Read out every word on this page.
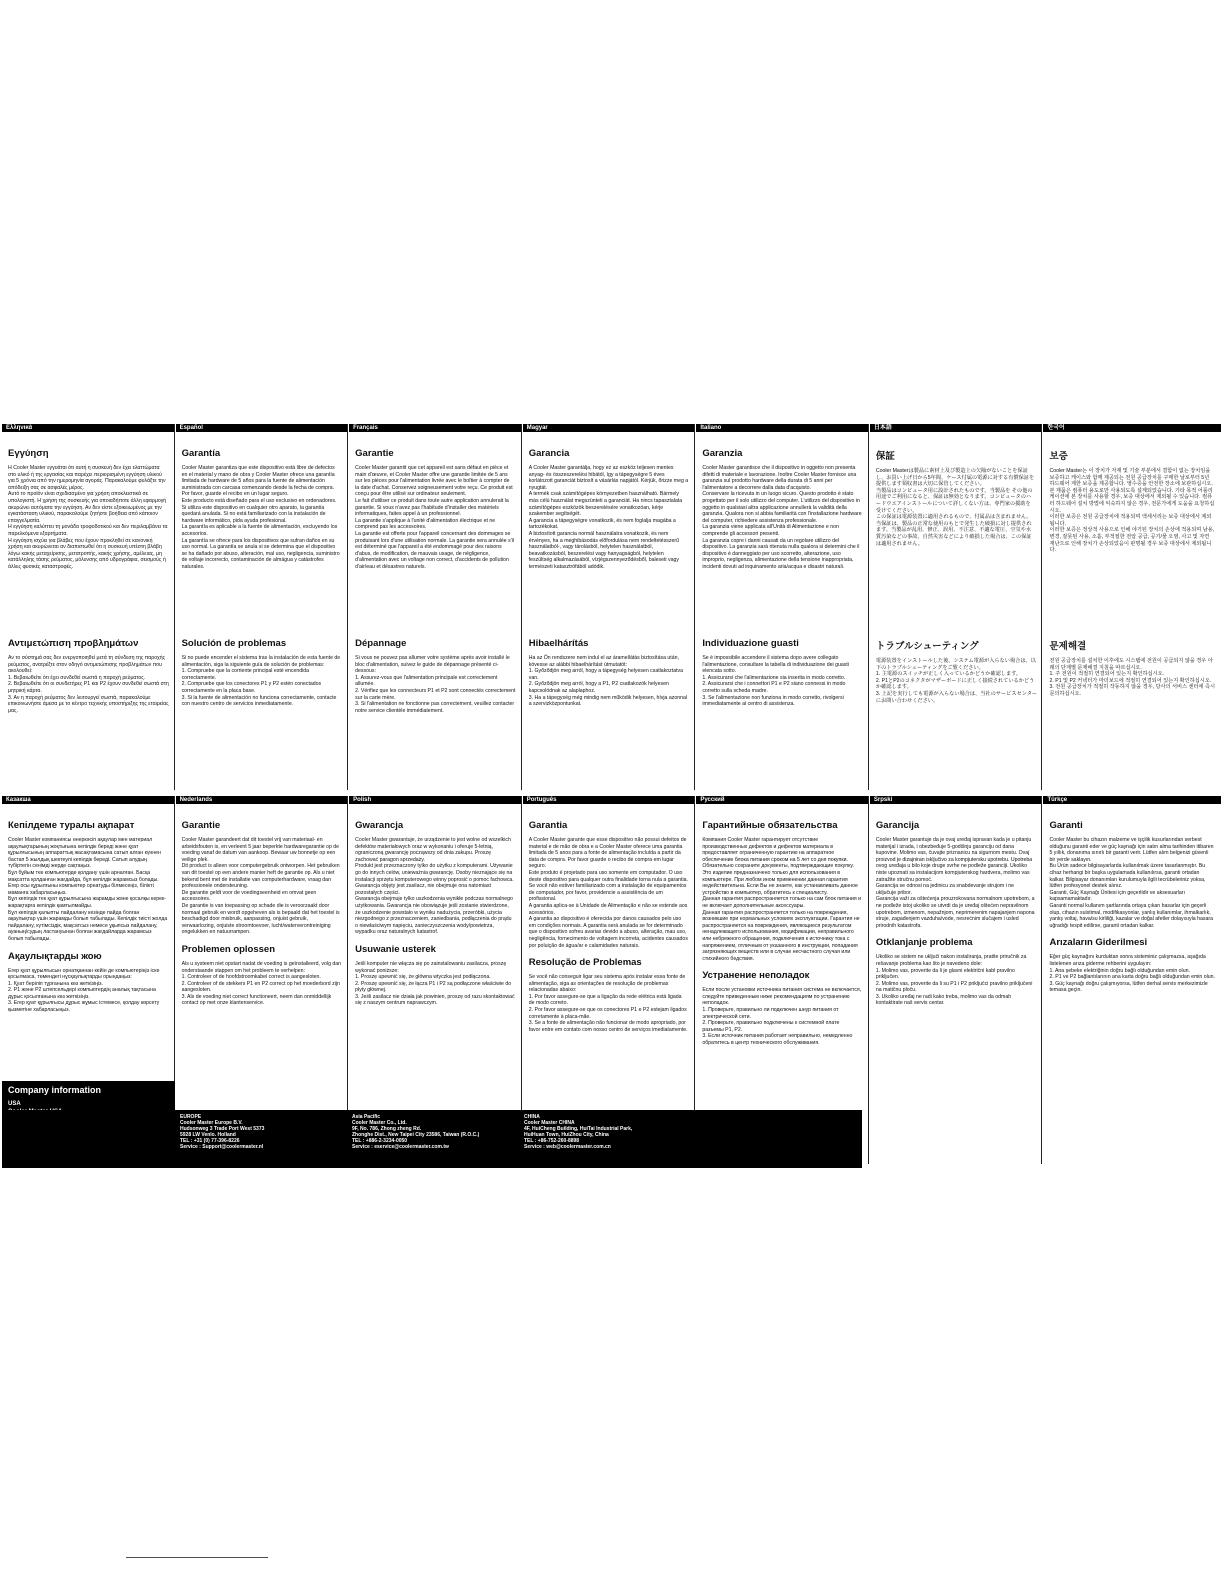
Ελληνικά
Εγγύηση

Η Cooler Master εγγυάται ότι αυτή η συσκευή δεν έχει ελαττώματα στο υλικό ή της εργασίας και παρέχει περιορισμένη εγγύηση υλικού για 5 χρόνια από την ημερομηνία αγοράς. Παρακαλούμε φυλάξτε την απόδειξη σας σε ασφαλές μέρος.
Αυτό το προϊόν είναι σχεδιασμένο για χρήση αποκλειστικά σε υπολογιστή. Η χρήση της συσκευής για οποιαδήποτε άλλη εφαρμογή ακυρώνει αυτόματα την εγγύηση. Αν δεν είστε εξοικειωμένος με την εγκατάσταση υλικού, παρακαλούμε ζητήστε βοήθεια από κάποιον επαγγελματία.
Η εγγύηση καλύπτει τη μονάδα τροφοδοτικού και δεν περιλαμβάνει τα παρελκόμενα εξαρτήματα.
Η εγγύηση ισχύει για βλάβες που έχουν προκληθεί σε κανονική χρήση και ακυρώνεται αν διαπιστωθεί ότι η συσκευή υπέστη βλάβη λόγω κακής μεταχείρισης, μετατροπής, κακής χρήσης, αμέλειας, μη κατάλληλης τάσης ρεύματος, μόλυνσης από υδρογράφια, σεισμούς ή άλλες φυσικές καταστροφές.

Αντιμετώπιση προβλημάτων

Αν το σύστημά σας δεν ενεργοποιηθεί μετά τη σύνδεση της παροχής ρεύματος, ανατρέξτε στον οδηγό αντιμετώπισης προβλημάτων που ακολουθεί:
1. Βεβαιωθείτε ότι έχει συνδεθεί σωστά η παροχή ρεύματος.
2. Βεβαιωθείτε ότι οι συνδετήρες P1 και P2 έχουν συνδεθεί σωστά στη μητρική κάρτα.
3. Αν η παροχή ρεύματος δεν λειτουργεί σωστά, παρακαλούμε επικοινωνήστε άμεσα με το κέντρο τεχνικής υποστήριξης της εταιρείας μας.

Español
Garantía

Cooler Master garantiza que este dispositivo está libre de defectos en el material y mano de obra y Cooler Master ofrece una garantía limitada de hardware de 5 años para la fuente de alimentación suministrada con carcasa comenzando desde la fecha de compra. Por favor, guarde el recibo en un lugar seguro.
Este producto está diseñado para el uso exclusivo en ordenadores. Si utiliza este dispositivo en cualquier otro aparato, la garantía quedará anulada. Si no está familiarizado con la instalación de hardware informático, pida ayuda profesional.
La garantía es aplicable a la fuente de alimentación, excluyendo los accesorios.
La garantía se ofrece para los dispositivos que sufran daños en su uso normal. La garantía se anula si se determina que el dispositivo se ha dañado por abuso, alteración, mal uso, negligencia, suministro de voltaje incorrecto, contaminación de almágua y catástrofes naturales.

Solución de problemas

Si no puede encender el sistema tras la instalación de esta fuente de alimentación, siga la siguiente guía de solución de problemas:
1. Compruebe que la corriente principal esté encendida correctamente.
2. Compruebe que los conectores P1 y P2 estén conectados correctamente en la placa base.
3. Si la fuente de alimentación no funciona correctamente, contacte con nuestro centro de servicios inmediatamente.

Français
Garantie

Cooler Master garantit que cet appareil est sans défaut en pièce et main d'œuvre, et Cooler Master offre une garantie limitée de 5 ans sur les pièces pour l'alimentation livrée avec le boîtier à compter de la date d'achat. Conservez soigneusement votre reçu. Ce produit est conçu pour être utilisé sur ordinateur seulement.
Le fait d'utiliser ce produit dans toute autre application annulerait la garantie. Si vous n'avez pas l'habitude d'installer des matériels informatiques, faites appel à un professionnel.
La garantie s'applique à l'unité d'alimentation électrique et ne comprend pas les accessoires.
La garantie est offerte pour l'appareil concernant des dommages se produisant lors d'une utilisation normale. La garantie sera annulée s'il est déterminé que l'appareil a été endommagé pour des raisons d'abus, de modification, de mauvais usage, de négligence, d'alimentation avec un voltage non correct, d'accidents de pollution d'air/eau et désastres naturels.

Dépannage

Si vous ne pouvez pas allumer votre système après avoir installé le bloc d'alimentation, suivez le guide de dépannage présenté ci-dessous:
1. Assurez-vous que l'alimentation principale est correctement allumée.
2. Vérifiez que les connecteurs P1 et P2 sont connectés correctement sur la carte mère.
3. Si l'alimentation ne fonctionne pas correctement, veuillez contacter notre service clientèle immédiatement.

Magyar
Garancia

A Cooler Master garantálja, hogy ez az eszköz teljesen mentes anyag- és összeszerelési hibától, így a tápegységre 5 éves korlátozott garanciát biztosít a vásárlás napjától. Kérjük, őrizze meg a nyugtát.
A termék csak számítógépes környezetben használható. Bármely más célú használat megszünteti a garanciát. Ha nincs tapasztalata számítógépes eszközök beszerelésére vonatkozóan, kérje szakember segítségét.
A garancia a tápegységre vonatkozik, és nem foglalja magába a tartozékokat.
A biztosított garancia normál használatra vonatkozik, és nem érvényes, ha a meghibásodás előfordulása nem rendeltetésszerű használatból-, vagy tárolásból, helytelen használatból, beavatkozásból, beszerelési vagy hanyagságból, helytelen feszültség alkalmazásából, vízjégszennyeződésből, baleseti vagy természeti katasztrófából adódik.

Hibaelhárítás

Ha az Ön rendszere nem indul el az áramellátás biztosítása után, kövesse az alábbi hibaelhárítást útmutatót:
1. Győződjön meg arról, hogy a tápegység helyesen csatlakoztatva van.
2. Győződjön meg arról, hogy a P1, P2 csatlakozók helyesen kapcsolódnak az alaplaphoz.
3. Ha a tápegység még mindig nem működik helyesen, hívja azonnal a szervizközpontunkat.

Italiano
Garanzia

Cooler Master garantisce che il dispositivo in oggetto non presenta difetti di materiale e lavorazione. Inoltre Cooler Master fornisce una garanzia sul prodotto hardware della durata di 5 anni per l'alimentatore a decorrere dalla data d'acquisto.
Conservare la ricevuta in un luogo sicuro. Questo prodotto è stato progettato per il solo utilizzo del computer. L'utilizzo del dispositivo in oggetto in qualsiasi altra applicazione annullerà la validità della garanzia. Qualora non si abbia familiarità con l'installazione hardware del computer, richiedere assistenza professionale.
La garanzia viene applicata all'Unità di Alimentazione e non comprende gli accessori presenti.
La garanzia copre i danni causati da un regolare utilizzo del dispositivo. La garanzia sarà ritenuta nulla qualora si determini che il dispositivo è danneggiato per uso scorretto, alterazione, uso improprio, negligenza, alimentazione della tensione inappropriata, incidenti dovuti ad inquinamento aria/acqua e disastri naturali.

Individuazione guasti

Se è impossibile accendere il sistema dopo avere collegato l'alimentazione, consultare la tabella di individuazione dei guasti elencata sotto.
1. Assicurarsi che l'alimentazione sia inserita in modo corretto.
2. Assicurarsi che i connettori P1 e P2 siano connessi in modo corretto sulla scheda madre.
3. Se l'alimentazione non funziona in modo corretto, rivolgersi immediatamente al centro di assistenza.

日本語
保証

Cooler Masterは製品に素材上及び製造上の欠陥がないことを保証し、お買い上げ日から5年間、ケース付属の電源に対する有償保証を提供します領収書は大切に保管してください。
当製品はコンピュータ用に設計されたものです。当製品を その他の用途でご利用になると、保証は無効となります。コンピュータのハードウエアインストールについて詳しくない方は、専門家の援助を受けてください。
この保証は電源装置に適用されるもので、付属品は含まれません。
当保証は、製品の正常な使用のもとで発生した破損に対し提供されます。当製品が乱用、修正、誤用、不注意、不適な電圧、空気や水質汚染などの事故、自然災害などにより破損した場合は、この保証は適用されません。

トラブルシューティング

電源装置をインストールした後、システム電源が入らない場合は、以下のトラブルシューティングをご覧ください。
1. 主電源のスイッチが正しく入っているかどうか確認します。
2. P1とP2のコネクタがマザーボードに正しく接続されているかどうか確認します。
3. 上記を実行しても電源が入らない場合は、当社のサービスセンターにお問い合わせください。

한국어
보증

Cooler Master는 이 장치가 자재 및 기술 부분에서 결함이 없는 장치임을 보증하고 케이스와 함께 제공되는 전원 공급장치를 구매한 날로부터 5년 하드웨어 제한 보증을 제공합니다. 영수증을 안전한 장소에 보관하십시오.
본 제품은 컴퓨터 용도로만 사용되도록 설계되었습니다. 기타 목적 어플리케이션에 본 장치를 사용할 경우, 보증 대상에서 제외될 수 있습니다. 컴퓨터 하드웨어 설치 방법에 익숙하지 않은 경우, 전문가에게 도움을 요청하십시오.
이러한 보증은 전원 공급장치에 적용되며 액세서리는 보증 대상에서 제외됩니다.
이러한 보증은 정상적 사용으로 인해 야기된 장치의 손상에 적용되며 남용, 변경, 잘못된 사용, 소홀, 부적절한 전압 공급, 공기/물 오염, 사고 및 자연 재난으로 인해 장치가 손상되었음이 판명될 경우 보증 대상에서 제외됩니다.

문제해결

전원 공급장치를 설치한 이후에도 시스템에 전원이 공급되지 않을 경우 아래의 단계별 문제해결 지침을 따르십시오.
1. 주 전원이 적절히 연결되어 있는지 확인하십시오.
2. P1 및 P2 커넥터가 마더보드에 적절히 연결되어 있는지 확인하십시오.
3. 전원 공급장치가 적절히 작동하지 않을 경우, 당사의 서비스 센터에 즉시 문의하십시오.

Казакша
Кепілдеме туралы ақпарат

Cooler Master компаниясы өнеркәсіп ақаулар мен материал ақаулықтарының жоқтығына кепілдік береді және қуат құрылғысының аппараттық жасақтамасына сатып алған күннен бастап 5 жылдық шектеулі кепілдік береді. Сатып алудың түбіртегін сенімді жерде сақтаңыз.
Бұл бұйым тек компьютерде қолдану үшін арналған. Басқа мақсатта қолданған жағдайда, бұл кепілдік жарамсыз болады. Егер осы құрылғыны компьютер орнатуды білмесеңіз, білікті маманға хабарласыңыз.
Бұл кепілдік тек қуат құрылғысына жарамды және қосалқы керек-жарақтарға кепілдік қамтылмайды.
Бұл кепілдік қалыпты пайдалану кезінде пайда болған ақаулықтар үшін жарамды болып табылады. Кепілдік тиісті жолда пайдалану, күтімсіздік, мақсатсыз немесе ұқыпсыз пайдалану, ауаның/судың ластануынан болған жағдайларда жарамсыз болып табылады.

Ақаулықтарды жою

Егер қуат құрылғысын орнатқаннан кейін де компьютеріңіз іске қосылмаса, төмендегі нұсқаулықтарды орындаңыз:
1. Қуат беріліп тұрғанына көз жеткізіңіз.
2. P1 және P2 штепсельдері компьютердің аналық тақтасына дұрыс қосылғанына көз жеткізіңіз.
3. Егер қуат құрылғысы дұрыс жұмыс істемесе, қолдау көрсету қызметіне хабарласыңыз.

Nederlands
Garantie

Cooler Master garandeert dat dit toestel vrij van materiaal- en arbeidsfouten is, en verleent 5 jaar beperkte hardwaregarantie op de voeding vanaf de datum van aankoop. Bewaar uw bonnetje op een veilige plek.
Dit product is alleen voor computergebruik ontworpen. Het gebruiken van dit toestel op een andere manier heft de garantie op. Als u niet bekend bent met de installatie van computerhardware, vraag dan professionele ondersteuning.
De garantie geldt voor de voedingseenheid en omvat geen accessoires.
De garantie is van toepassing op schade die is veroorzaakt door normaal gebruik en wordt opgeheven als is bepaald dat het toestel is beschadigd door misbruik, aanpassing, onjuist gebruik, verwaarlozing, onjuiste stroomtoevoer, lucht/waterverontreiniging ongelukken en natuurrampen.

Problemen oplossen

Als u systeem niet opstart nadat de voeding is geïnstalleerd, volg dan onderstaande stappen om het probleem te verhelpen:
1. Controleer of de hoofdstroomkabel correct is aangesloten.
2. Controleer of de stekkers P1 en P2 correct op het moederbord zijn aangesloten.
3. Als de voeding niet correct functioneert, neem dan onmiddellijk contact op met onze klantenservice.

Polish
Gwarancja

Cooler Master gwarantuje, że urządzenie to jest wolne od wszelkich defektów materiałowych oraz w wykonaniu i oferuje 5-letnią, ograniczoną gwarancję począwszy od dnia zakupu. Proszę zachować paragon sprzedaży.
Produkt jest przeznaczony tylko do użytku z komputerami. Używanie go do innych celów, unieważnia gwarancję. Osoby nieznające się na instalacji sprzętu komputerowego winny poprosić o pomoc fachowca.
Gwarancja objęty jest zasilacz, nie obejmuje ona natomiast pozostałych części.
Gwarancja obejmuje tylko uszkodzenia wynikłe podczas normalnego użytkowania. Gwarancja nie obowiązuje jeśli zostanie stwierdzone, że uszkodzenie powstało w wyniku nadużycia, przeróbki, użycia niezgodnego z przeznaczeniem, zaniedbania, podłączenia do prądu o niewłaściwym napięciu, zanieczyszczenia wody/powietrza, wypadku oraz naturalnych katastrof.

Usuwanie usterek

Jeśli komputer nie włącza się po zainstalowaniu zasilacza, proszę wykonać poniższe:
1. Proszę upewnić się, że główna wtyczka jest podłączona.
2. Proszę upewnić się, że łącza P1 i P2 są podłączone właściwie do płyty głównej.
3. Jeśli zasilacz nie działa jak powinien, proszę od razu skontaktować się z naszym centrum naprawczym.

Português
Garantia

A Cooler Master garante que esse dispositivo não possui defeitos de material e de mão de obra e a Cooler Master oferece uma garantia limitada de 5 anos para a fonte de alimentação incluída a partir da data de compra. Por favor guarde o recibo de compra em lugar seguro.
Este produto é projetado para uso somente em computador. O uso deste dispositivo para qualquer outra finalidade torna nula a garantia. Se você não estiver familiarizado com a instalação de equipamentos de computador, por favor, providencie a assistência de um profissional.
A garantia aplica-se à Unidade de Alimentação e não se estende aos acessórios.
A garantia ao dispositivo é oferecida por danos causados pelo uso em condições normais. A garantia será anulada se for determinado que o dispositivo sofreu avarias devido a abuso, alteração, mau uso, negligência, fornecimento de voltagem incorreta, acidentes causados por poluição de água/ar e calamidades naturais.

Resolução de Problemas

Se você não conseguir ligar seu sistema após instalar essa fonte de alimentação, siga as orientações de resolução de problemas relacionadas abaixo:
1. Por favor assegure-se que a ligação da rede elétrica está ligada de modo correto.
2. Por favor assegure-se que os conectores P1 e P2 estejam ligados corretamente à placa-mãe.
3. Se a fonte de alimentação não funcionar de modo apropriado, por favor entre em contato com nosso centro de serviços imediatamente.

Русский
Гарантийные обязательства

Компания Cooler Master гарантирует отсутствие производственных дефектов и дефектов материала в предоставляет ограниченную гарантию на аппаратное обеспечение блока питания сроком на 5 лет со дня покупки. Обязательно сохраните документы, подтверждающие покупку.
Это изделие предназначено только для использования в компьютере. При любом ином применении данная гарантия недействительна. Если Вы не знаете, как устанавливать данное устройство в компьютер, обратитесь к специалисту.
Данная гарантия распространяется только на сам блок питания и не включает дополнительные аксессуары.
Данная гарантия распространяется только на повреждения, возникшие при нормальных условиях эксплуатации. Гарантия не распространяется на повреждения, являющиеся результатом ненадлежащего использования, модификации, неправильного или небрежного обращения, подключения к источнику тока с напряжением, отличным от указанного в инструкции, попадания загрязняющих веществ или в случае несчастного случая или стихийного бедствия.

Устранение неполадок

Если после установки источника питания система не включается, следуйте приведенным ниже рекомендациям по устранению неполадок.
1. Проверьте, правильно ли подключен шнур питания от электрической сети.
2. Проверьте, правильно подключены к системной плате разъемы P1, P2.
3. Если источник питания работает неправильно, немедленно обратитесь в центр технического обслуживания.

Srpski
Garancija

Cooler Master garantuje da je ovaj uređaj ispravan kada je u pitanju materijal i izrada, i obezbeđuje 5-godišnju garanciju od dana kupovine. Molimo vas, čuvajte priznanicu na sigurnom mestu. Ovaj proizvod je dizajniran isključivo za kompjutersku upotrebu. Upotreba ovog uređaja u bilo koje druge svrhe ne podleže garanciji. Ukoliko niste upoznati sa instalacijom kompjuterskog hardvera, molimo vas zatražite stručnu pomoć.
Garancija se odnosi na jedinicu za snabdevanje strujom i ne uključuje pribor.
Garancija važi za oštećenja prouzrokovana normalnom upotrebom, a ne podleže istoj ukoliko se utvrdi da je uređaj oštećen nepravilnom upotrebom, izmenom, nepažnjom, neprimerenim napajanjem napona struje, zagađenjem vazduha/vode, nesrećnim slučajem i usled prirodnih katastrofa.

Otklanjanje problema

Ukoliko se sistem ne uključi nakon instaliranja, pratite priručnik za rešavanje problema kao što je navedeno dole:
1. Molimo vas, proverite da li je glavni električni kabl pravilno priključen.
2. Molimo vas, proverite da li su P1 i P2 priključci pravilno priključeni na matičnu ploču.
3. Ukoliko uređaj ne radi kako treba, molimo vas da odmah kontaktirate naš servis centar.

Türkçe
Garanti

Cooler Master bu cihazın malzeme ve işçilik kusurlarından serbest olduğunu garanti eder ve güç kaynağı için satın alma tarihinden itibaren 5 yıllık, donanıma sınırlı bir garanti verir. Lütfen alım belgenizi güvenli bir yerde saklayın.
Bu Ürün sadece bilgisayarlarda kullanılmak üzere tasarlanmıştır. Bu cihaz herhangi bir başka uygulamada kullanılırsa, garanti ortadan kalkar. Bilgisayar donanımları kurulumuyla ilgili tecrübeleriniz yoksa, lütfen profesyonel destek alınız.
Garanti, Güç Kaynağı Ünitesi için geçerlidir ve aksesuarları kapsamamaktadır.
Garanti normal kullanım şartlarında ortaya çıkan hasarlar için geçerli olup, cihazın suistimal, modifikasyonlar, yanlış kullanımlar, ihmalkarlık, yanlış voltaj, hava/su kirliliği, kazalar ve doğal afetler dolayısıyla hasara uğradığı tespit edilirse, garanti ortadan kalkar.

Arızaların Giderilmesi

Eğer güç kaynağını kurduktan sonra sisteminiz çalışmazsa, aşağıda listelenen arıza giderme rehberini uygulayın:
1. Ana şebeke elektriğinin doğru bağlı olduğundan emin olun.
2. P1 ve P2 bağlantılarının ana karta doğru bağlı olduğundan emin olun.
3. Güç kaynağı doğru çalışmıyorsa, lütfen derhal servis merkezimizle temasa geçin.

Company information

USA

EUROPE
Cooler Master Europe B.V.
Hudsonweg 3 Trade Port West 5373
5928 LW Venlo. Holland
TEL : +31 (0) 77-396-8226
Service : Support@coolermaster.nl

Asia Pacific
Cooler Master Co., Ltd.
9F, No. 786, Zhong zheng Rd.
Zhonghe Dist., New Taipei City 23586, Taiwan (R.O.C.)
TEL : +886-2-3234-0050
Service : eservice@coolermaster.com.tw

CHINA
Cooler Master CHINA
4F, HuiCheng Building, HuiTai Industrial Park,
HuiHuan Town, HuiZhou City, China
TEL : +86-752-260-8898
Service : web@coolermaster.com.cn
